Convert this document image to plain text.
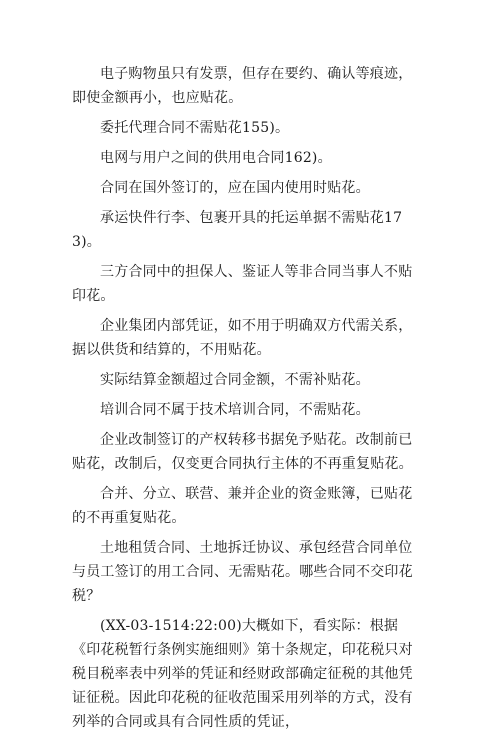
电子购物虽只有发票，但存在要约、确认等痕迹，即使金额再小，也应贴花。

委托代理合同不需贴花155)。

电网与用户之间的供用电合同162)。

合同在国外签订的，应在国内使用时贴花。

承运快件行李、包裹开具的托运单据不需贴花173)。

三方合同中的担保人、鉴证人等非合同当事人不贴印花。

企业集团内部凭证，如不用于明确双方代需关系，据以供货和结算的，不用贴花。

实际结算金额超过合同金额，不需补贴花。

培训合同不属于技术培训合同，不需贴花。

企业改制签订的产权转移书据免予贴花。改制前已贴花，改制后，仅变更合同执行主体的不再重复贴花。

合并、分立、联营、兼并企业的资金账簿，已贴花的不再重复贴花。

土地租赁合同、土地拆迁协议、承包经营合同单位与员工签订的用工合同、无需贴花。哪些合同不交印花税？

(XX-03-1514:22:00)大概如下，看实际：根据《印花税暂行条例实施细则》第十条规定，印花税只对税目税率表中列举的凭证和经财政部确定征税的其他凭证征税。因此印花税的征收范围采用列举的方式，没有列举的合同或具有合同性质的凭证，
